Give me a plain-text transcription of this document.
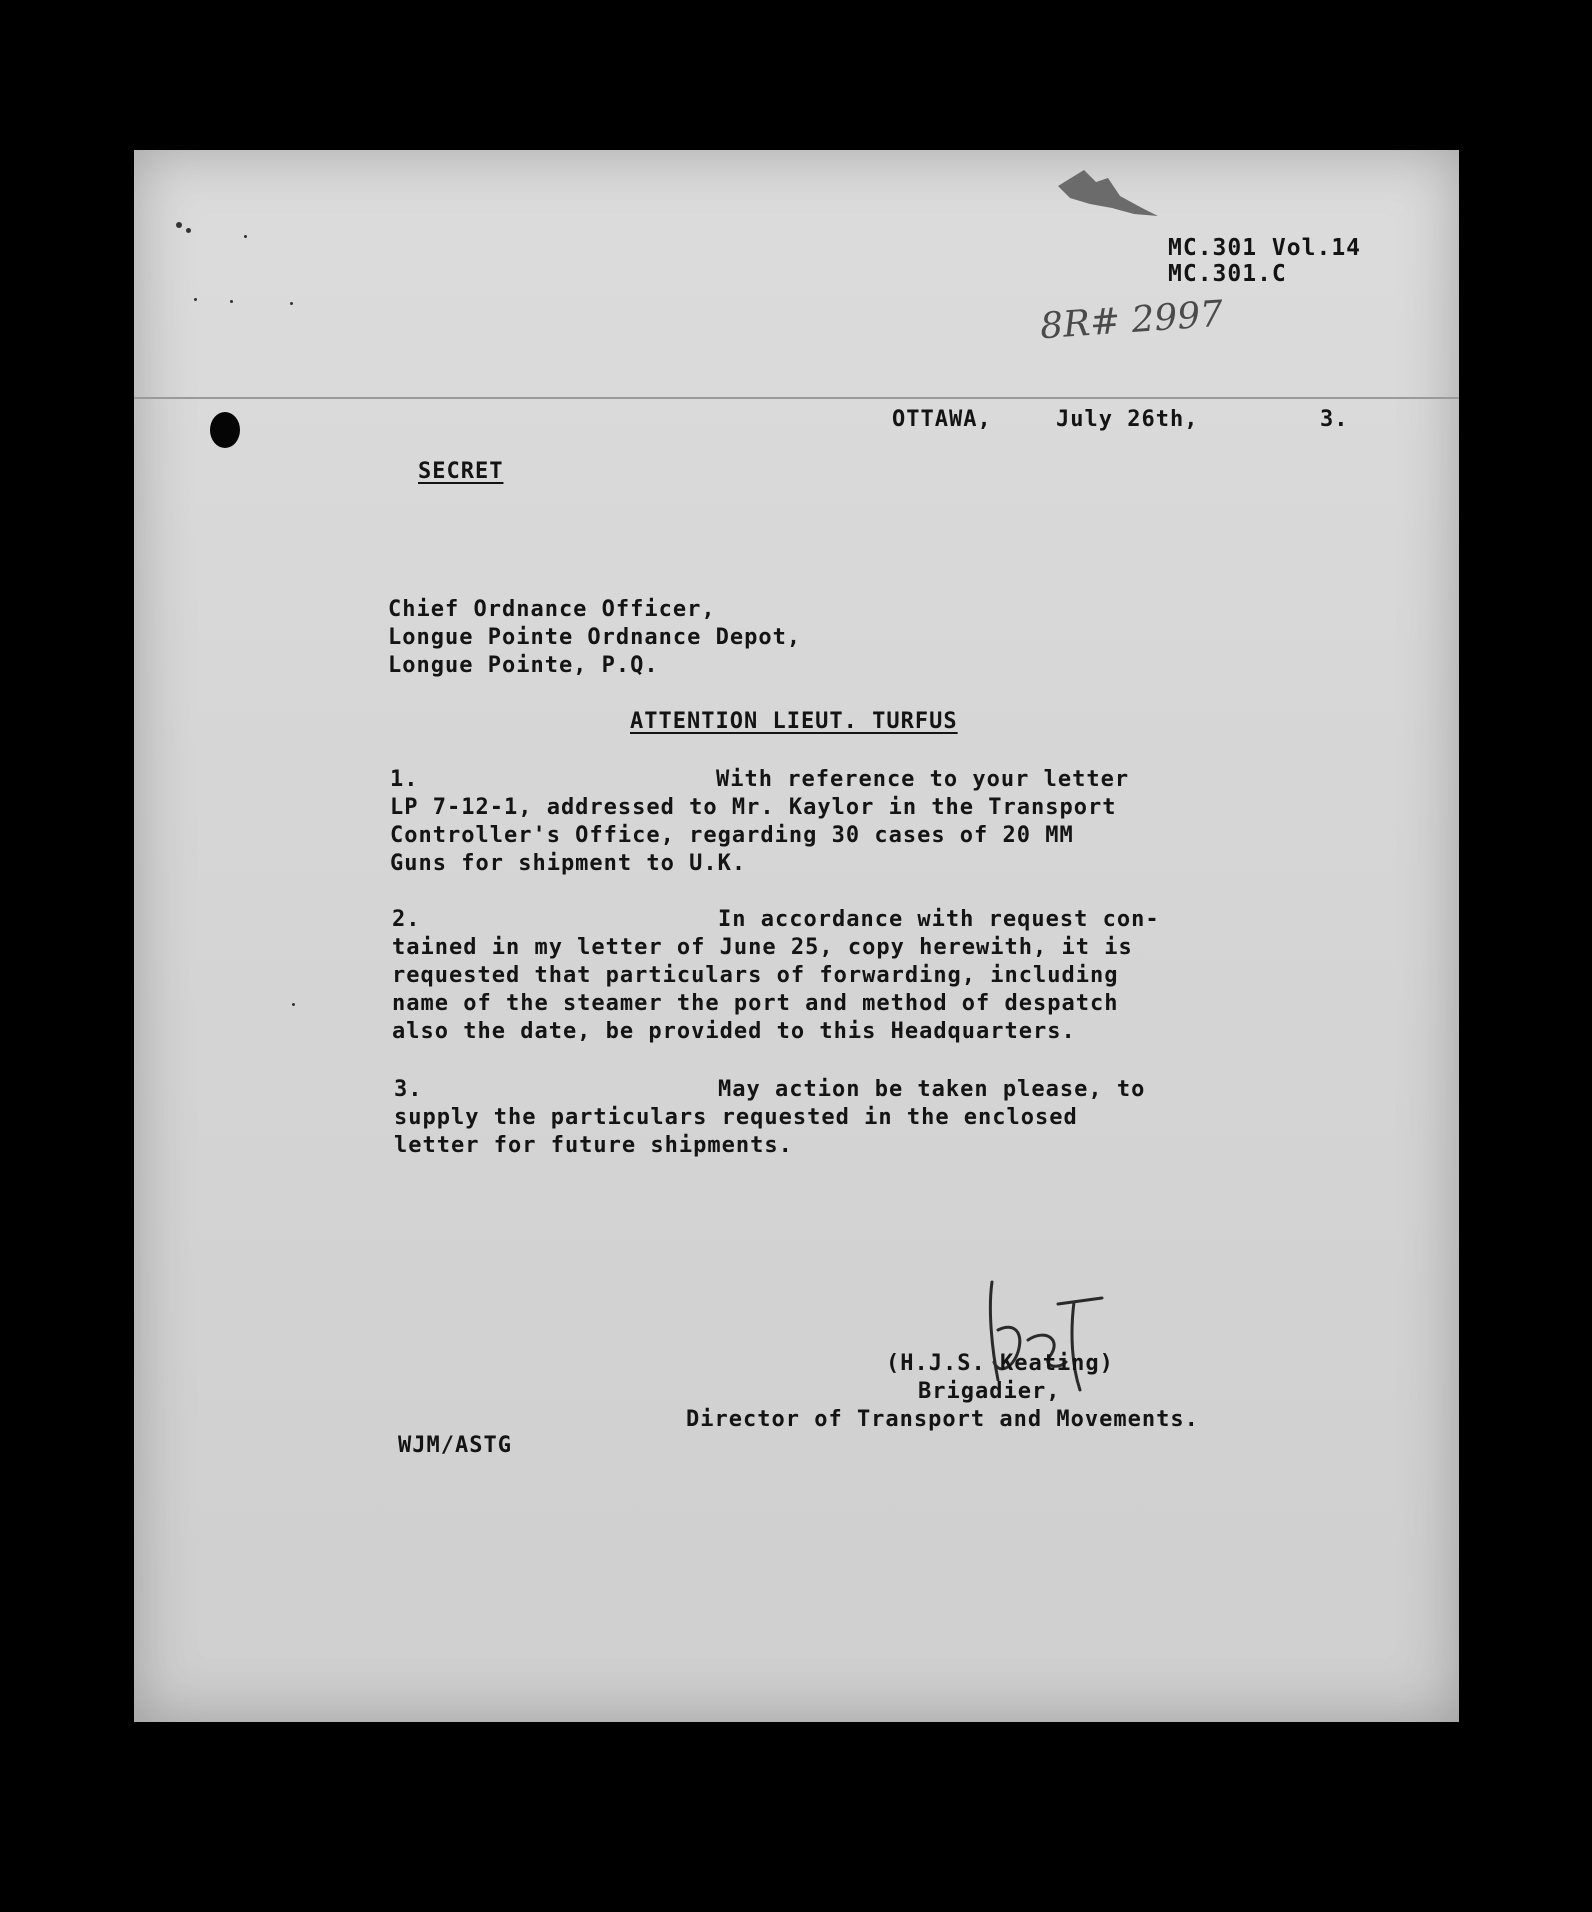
MC.301 Vol.14
MC.301.C
8R# 2997
OTTAWA,	July 26th,	3.
SECRET
Chief Ordnance Officer,
Longue Pointe Ordnance Depot,
Longue Pointe, P.Q.
ATTENTION LIEUT. TURFUS
1.	With reference to your letter
LP 7-12-1, addressed to Mr. Kaylor in the Transport
Controller's Office, regarding 30 cases of 20 MM
Guns for shipment to U.K.
2.	In accordance with request con-
tained in my letter of June 25, copy herewith, it is
requested that particulars of forwarding, including
name of the steamer the port and method of despatch
also the date, be provided to this Headquarters.
3.	May action be taken please, to
supply the particulars requested in the enclosed
letter for future shipments.
(H.J.S. Keating)
Brigadier,
Director of Transport and Movements.
WJM/ASTG
